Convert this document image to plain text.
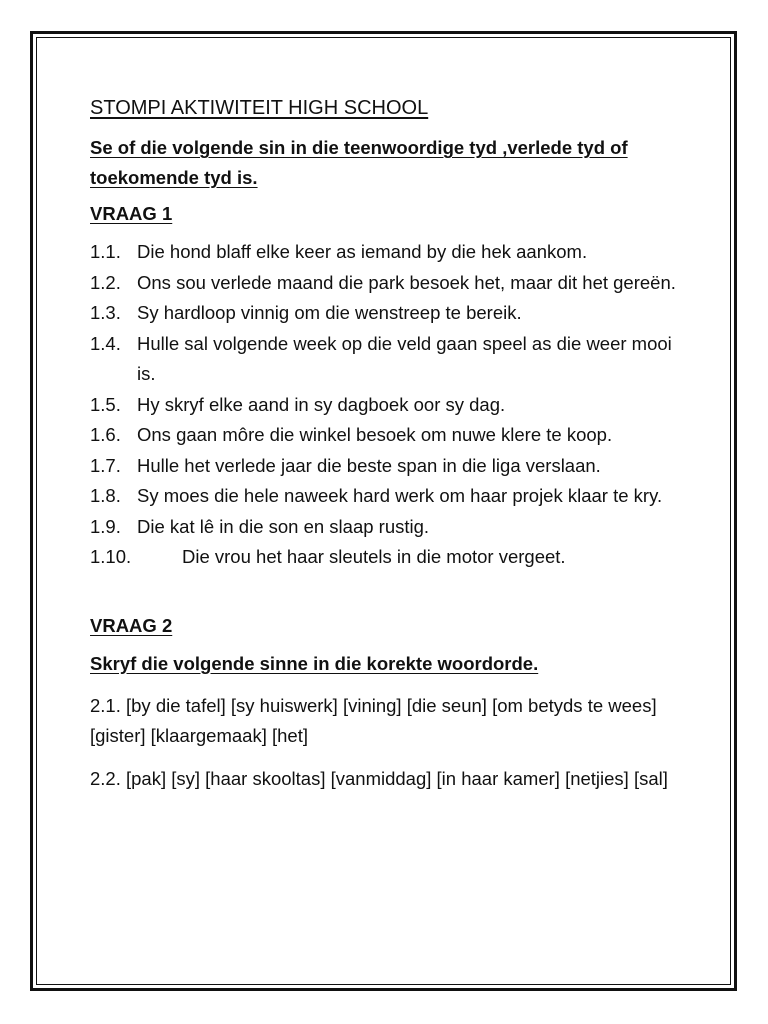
STOMPI AKTIWITEIT HIGH SCHOOL

Se of die volgende sin in die teenwoordige tyd ,verlede tyd of toekomende tyd is.

VRAAG 1

1.1. Die hond blaff elke keer as iemand by die hek aankom.
1.2. Ons sou verlede maand die park besoek het, maar dit het gereën.
1.3. Sy hardloop vinnig om die wenstreep te bereik.
1.4. Hulle sal volgende week op die veld gaan speel as die weer mooi is.
1.5. Hy skryf elke aand in sy dagboek oor sy dag.
1.6. Ons gaan môre die winkel besoek om nuwe klere te koop.
1.7. Hulle het verlede jaar die beste span in die liga verslaan.
1.8. Sy moes die hele naweek hard werk om haar projek klaar te kry.
1.9. Die kat lê in die son en slaap rustig.
1.10.	Die vrou het haar sleutels in die motor vergeet.

VRAAG 2

Skryf die volgende sinne in die korekte woordorde.

2.1. [by die tafel] [sy huiswerk] [vining] [die seun] [om betyds te wees] [gister] [klaargemaak] [het]

2.2. [pak] [sy] [haar skooltas] [vanmiddag] [in haar kamer] [netjies] [sal]
